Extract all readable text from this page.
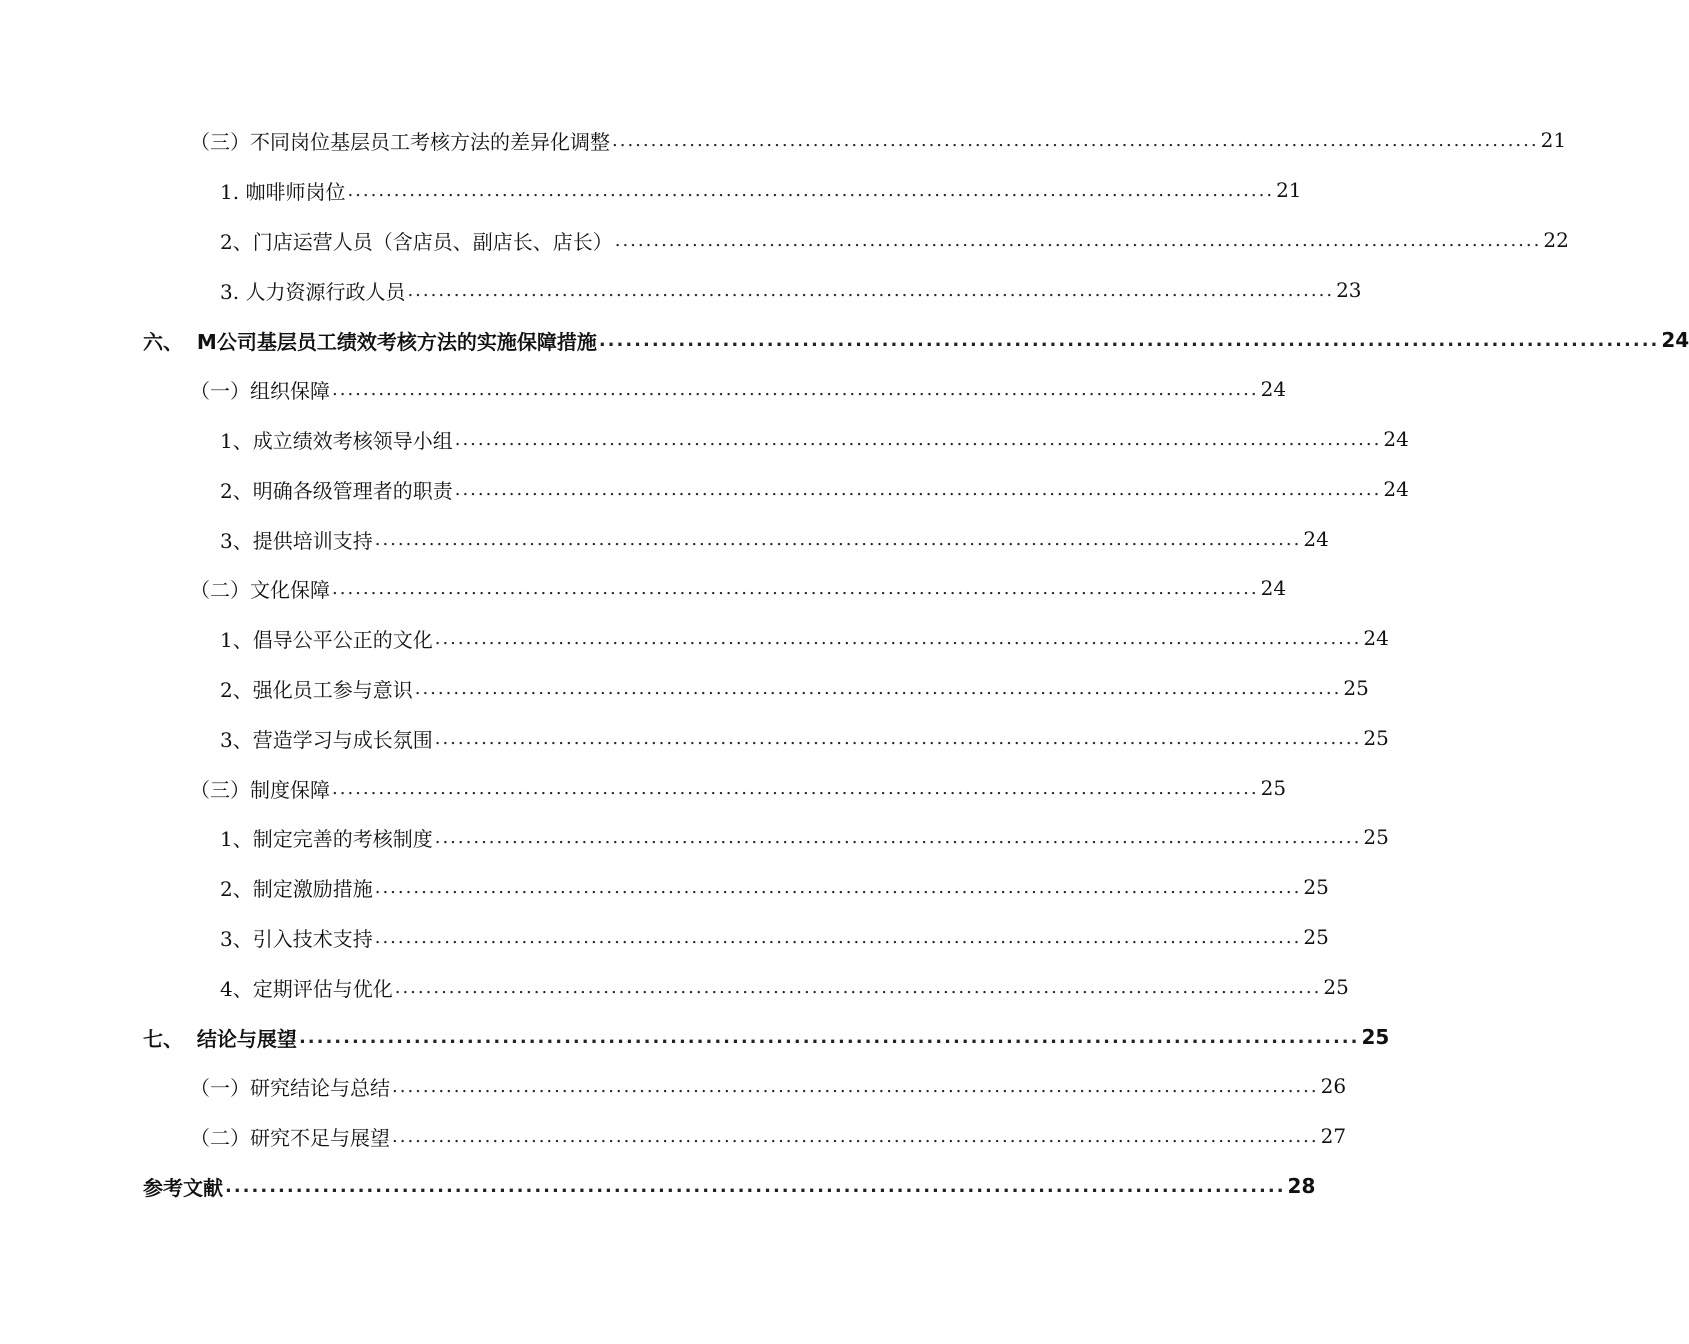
（三）不同岗位基层员工考核方法的差异化调整 ........................................................................................................................ 21
1. 咖啡师岗位 ........................................................................................................................ 21
2、门店运营人员（含店员、副店长、店长） ........................................................................................................................ 22
3. 人力资源行政人员 ........................................................................................................................ 23
六、  M公司基层员工绩效考核方法的实施保障措施 ........................................................................................................................ 24
（一）组织保障 ........................................................................................................................ 24
1、成立绩效考核领导小组 ........................................................................................................................ 24
2、明确各级管理者的职责 ........................................................................................................................ 24
3、提供培训支持 ........................................................................................................................ 24
（二）文化保障 ........................................................................................................................ 24
1、倡导公平公正的文化 ........................................................................................................................ 24
2、强化员工参与意识 ........................................................................................................................ 25
3、营造学习与成长氛围 ........................................................................................................................ 25
（三）制度保障 ........................................................................................................................ 25
1、制定完善的考核制度 ........................................................................................................................ 25
2、制定激励措施 ........................................................................................................................ 25
3、引入技术支持 ........................................................................................................................ 25
4、定期评估与优化 ........................................................................................................................ 25
七、  结论与展望 ........................................................................................................................ 25
（一）研究结论与总结 ........................................................................................................................ 26
（二）研究不足与展望 ........................................................................................................................ 27
参考文献 ........................................................................................................................ 28
